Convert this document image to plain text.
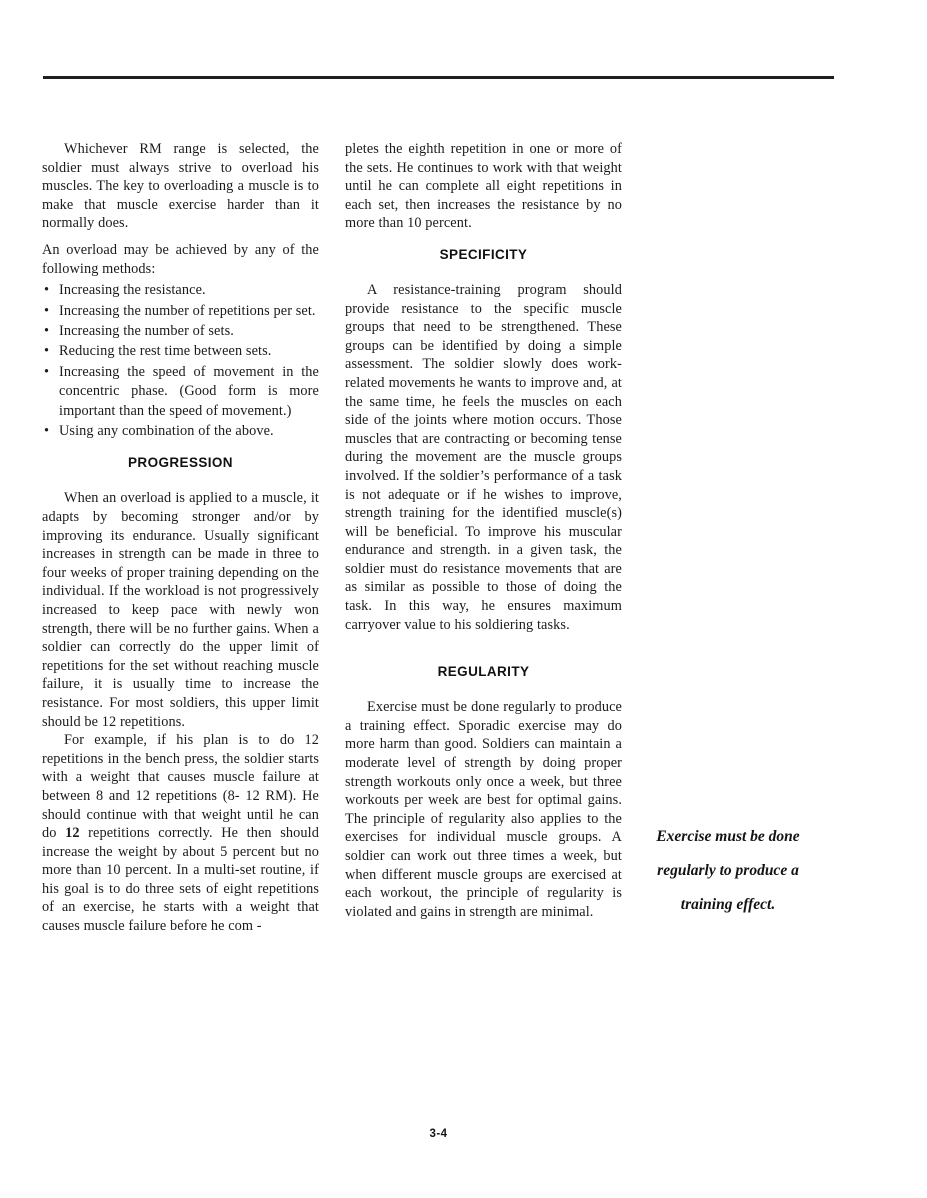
Whichever RM range is selected, the soldier must always strive to overload his muscles. The key to overloading a muscle is to make that muscle exercise harder than it normally does.

An overload may be achieved by any of the following methods:

• Increasing the resistance.
• Increasing the number of repetitions per set.
• Increasing the number of sets.
• Reducing the rest time between sets.
• Increasing the speed of movement in the concentric phase. (Good form is more important than the speed of movement.)
• Using any combination of the above.
PROGRESSION

When an overload is applied to a muscle, it adapts by becoming stronger and/or by improving its endurance. Usually significant increases in strength can be made in three to four weeks of proper training depending on the individual. If the workload is not progressively increased to keep pace with newly won strength, there will be no further gains. When a soldier can correctly do the upper limit of repetitions for the set without reaching muscle failure, it is usually time to increase the resistance. For most soldiers, this upper limit should be 12 repetitions.

For example, if his plan is to do 12 repetitions in the bench press, the soldier starts with a weight that causes muscle failure at between 8 and 12 repetitions (8- 12 RM). He should continue with that weight until he can do 12 repetitions correctly. He then should increase the weight by about 5 percent but no more than 10 percent. In a multi-set routine, if his goal is to do three sets of eight repetitions of an exercise, he starts with a weight that causes muscle failure before he com -

pletes the eighth repetition in one or more of the sets. He continues to work with that weight until he can complete all eight repetitions in each set, then increases the resistance by no more than 10 percent.

SPECIFICITY

A resistance-training program should provide resistance to the specific muscle groups that need to be strengthened. These groups can be identified by doing a simple assessment. The soldier slowly does work-related movements he wants to improve and, at the same time, he feels the muscles on each side of the joints where motion occurs. Those muscles that are contracting or becoming tense during the movement are the muscle groups involved. If the soldier’s performance of a task is not adequate or if he wishes to improve, strength training for the identified muscle(s) will be beneficial. To improve his muscular endurance and strength. in a given task, the soldier must do resistance movements that are as similar as possible to those of doing the task. In this way, he ensures maximum carryover value to his soldiering tasks.

REGULARITY

Exercise must be done regularly to produce a training effect. Sporadic exercise may do more harm than good. Soldiers can maintain a moderate level of strength by doing proper strength workouts only once a week, but three workouts per week are best for optimal gains. The principle of regularity also applies to the exercises for individual muscle groups. A soldier can work out three times a week, but when different muscle groups are exercised at each workout, the principle of regularity is violated and gains in strength are minimal.

Exercise must be done
regularly to produce a
training effect.
3-4
